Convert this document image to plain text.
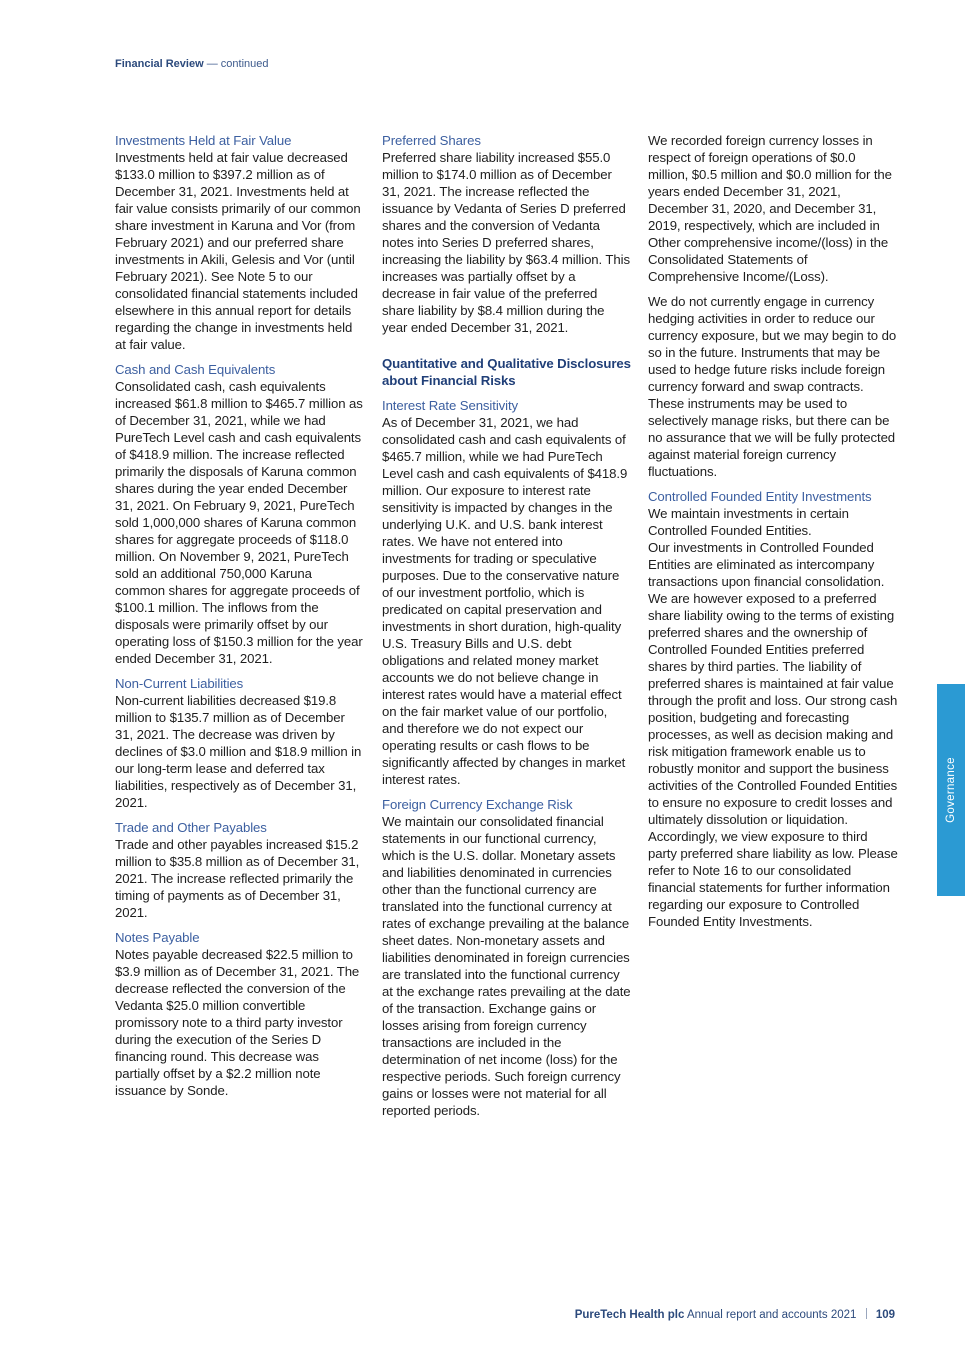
Financial Review — continued
Investments Held at Fair Value

Investments held at fair value decreased $133.0 million to $397.2 million as of December 31, 2021. Investments held at fair value consists primarily of our common share investment in Karuna and Vor (from February 2021) and our preferred share investments in Akili, Gelesis and Vor (until February 2021). See Note 5 to our consolidated financial statements included elsewhere in this annual report for details regarding the change in investments held at fair value.

Cash and Cash Equivalents

Consolidated cash, cash equivalents increased $61.8 million to $465.7 million as of December 31, 2021, while we had PureTech Level cash and cash equivalents of $418.9 million. The increase reflected primarily the disposals of Karuna common shares during the year ended December 31, 2021. On February 9, 2021, PureTech sold 1,000,000 shares of Karuna common shares for aggregate proceeds of $118.0 million. On November 9, 2021, PureTech sold an additional 750,000 Karuna common shares for aggregate proceeds of $100.1 million. The inflows from the disposals were primarily offset by our operating loss of $150.3 million for the year ended December 31, 2021.

Non-Current Liabilities

Non-current liabilities decreased $19.8 million to $135.7 million as of December 31, 2021. The decrease was driven by declines of $3.0 million and $18.9 million in our long-term lease and deferred tax liabilities, respectively as of December 31, 2021.

Trade and Other Payables

Trade and other payables increased $15.2 million to $35.8 million as of December 31, 2021. The increase reflected primarily the timing of payments as of December 31, 2021.

Notes Payable

Notes payable decreased $22.5 million to $3.9 million as of December 31, 2021. The decrease reflected the conversion of the Vedanta $25.0 million convertible promissory note to a third party investor during the execution of the Series D financing round. This decrease was partially offset by a $2.2 million note issuance by Sonde.

Preferred Shares

Preferred share liability increased $55.0 million to $174.0 million as of December 31, 2021. The increase reflected the issuance by Vedanta of Series D preferred shares and the conversion of Vedanta notes into Series D preferred shares, increasing the liability by $63.4 million. This increases was partially offset by a decrease in fair value of the preferred share liability by $8.4 million during the year ended December 31, 2021.

Quantitative and Qualitative Disclosures about Financial Risks
Interest Rate Sensitivity

As of December 31, 2021, we had consolidated cash and cash equivalents of $465.7 million, while we had PureTech Level cash and cash equivalents of $418.9 million. Our exposure to interest rate sensitivity is impacted by changes in the underlying U.K. and U.S. bank interest rates. We have not entered into investments for trading or speculative purposes. Due to the conservative nature of our investment portfolio, which is predicated on capital preservation and investments in short duration, high-quality U.S. Treasury Bills and U.S. debt obligations and related money market accounts we do not believe change in interest rates would have a material effect on the fair market value of our portfolio, and therefore we do not expect our operating results or cash flows to be significantly affected by changes in market interest rates.

Foreign Currency Exchange Risk

We maintain our consolidated financial statements in our functional currency, which is the U.S. dollar. Monetary assets and liabilities denominated in currencies other than the functional currency are translated into the functional currency at rates of exchange prevailing at the balance sheet dates. Non-monetary assets and liabilities denominated in foreign currencies are translated into the functional currency at the exchange rates prevailing at the date of the transaction. Exchange gains or losses arising from foreign currency transactions are included in the determination of net income (loss) for the respective periods. Such foreign currency gains or losses were not material for all reported periods.

We recorded foreign currency losses in respect of foreign operations of $0.0 million, $0.5 million and $0.0 million for the years ended December 31, 2021, December 31, 2020, and December 31, 2019, respectively, which are included in Other comprehensive income/(loss) in the Consolidated Statements of Comprehensive Income/(Loss).

We do not currently engage in currency hedging activities in order to reduce our currency exposure, but we may begin to do so in the future. Instruments that may be used to hedge future risks include foreign currency forward and swap contracts. These instruments may be used to selectively manage risks, but there can be no assurance that we will be fully protected against material foreign currency fluctuations.

Controlled Founded Entity Investments

We maintain investments in certain Controlled Founded Entities.

Our investments in Controlled Founded Entities are eliminated as intercompany transactions upon financial consolidation. We are however exposed to a preferred share liability owing to the terms of existing preferred shares and the ownership of Controlled Founded Entities preferred shares by third parties. The liability of preferred shares is maintained at fair value through the profit and loss. Our strong cash position, budgeting and forecasting processes, as well as decision making and risk mitigation framework enable us to robustly monitor and support the business activities of the Controlled Founded Entities to ensure no exposure to credit losses and ultimately dissolution or liquidation. Accordingly, we view exposure to third party preferred share liability as low. Please refer to Note 16 to our consolidated financial statements for further information regarding our exposure to Controlled Founded Entity Investments.

Governance
PureTech Health plc Annual report and accounts 2021 109
